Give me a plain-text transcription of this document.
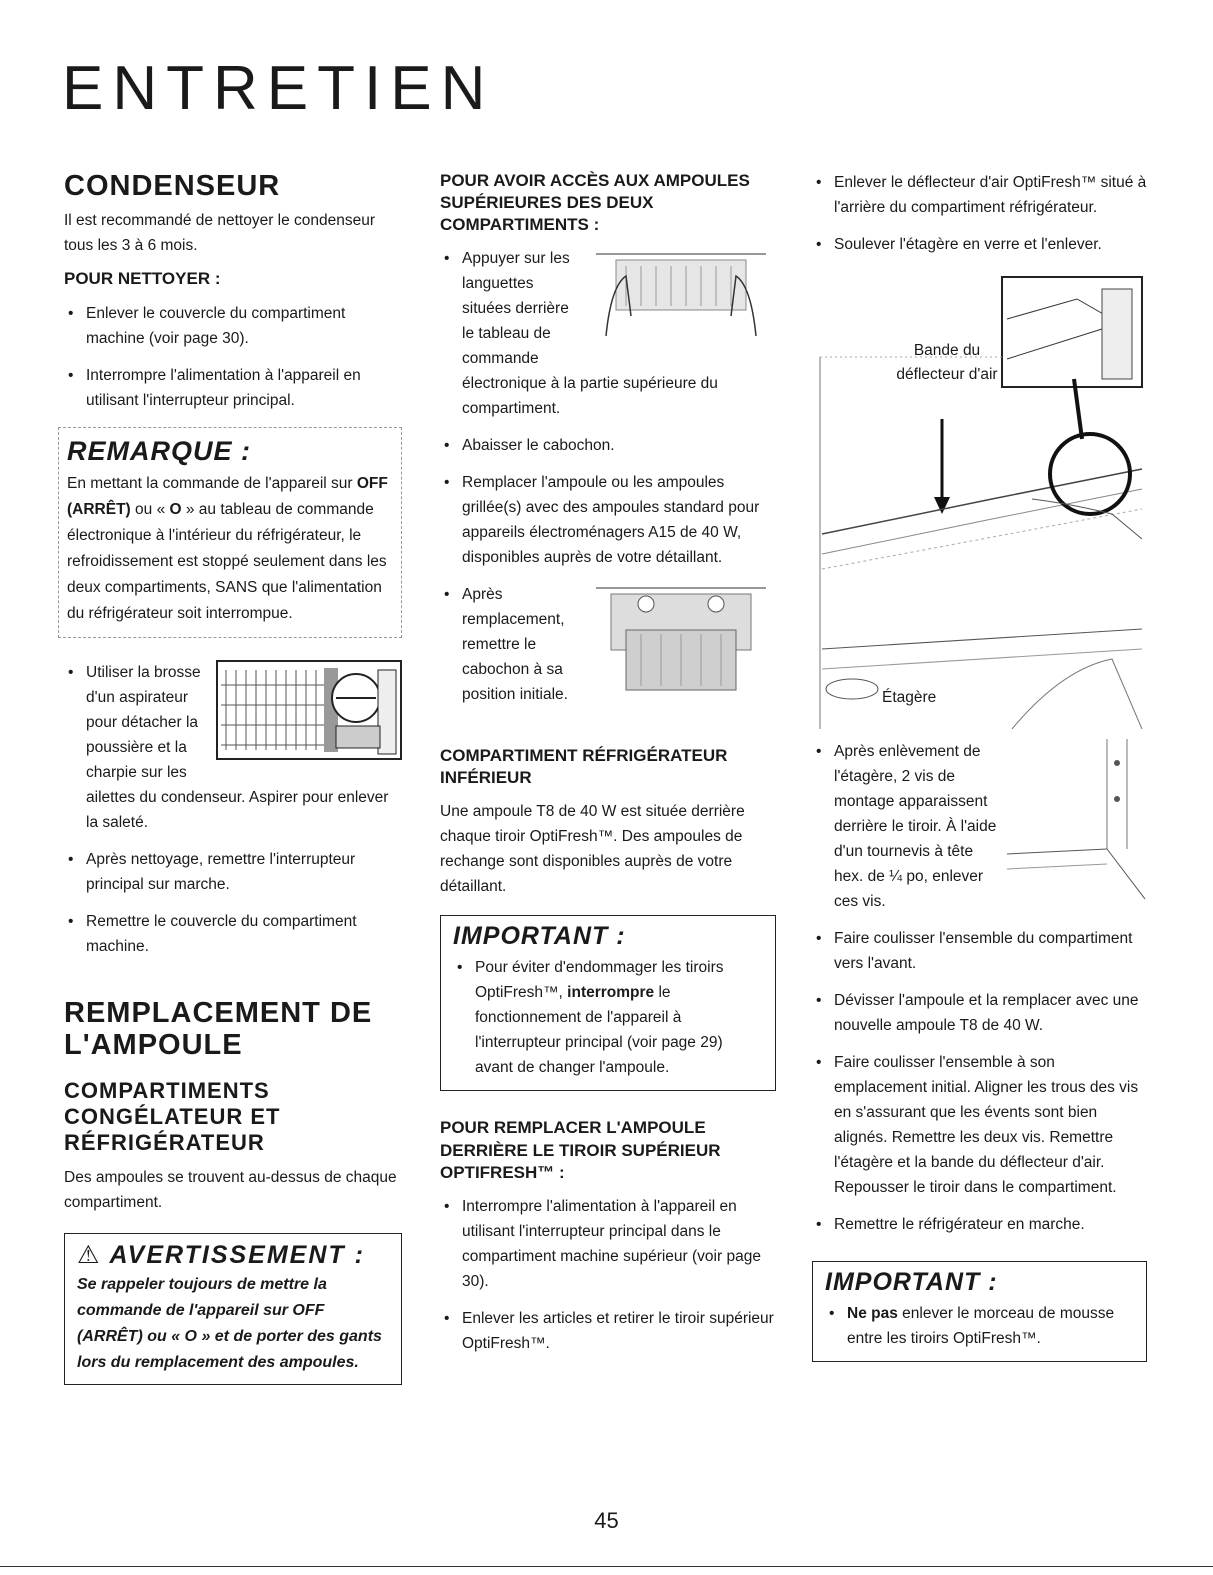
ENTRETIEN
CONDENSEUR

Il est recommandé de nettoyer le condenseur tous les 3 à 6 mois.

POUR NETTOYER :
• Enlever le couvercle du compartiment machine (voir page 30).
• Interrompre l'alimentation à l'appareil en utilisant l'interrupteur principal.
REMARQUE :

En mettant la commande de l'appareil sur OFF (ARRÊT) ou « O » au tableau de commande électronique à l'intérieur du réfrigérateur, le refroidissement est stoppé seulement dans les deux compartiments, SANS que l'alimentation du réfrigérateur soit interrompue.

• Utiliser la brosse d'un aspirateur pour détacher la poussière et la charpie sur les ailettes du condenseur. Aspirer pour enlever la saleté.
• Après nettoyage, remettre l'interrupteur principal sur marche.
• Remettre le couvercle du compartiment machine.
REMPLACEMENT DE L'AMPOULE
COMPARTIMENTS CONGÉLATEUR ET RÉFRIGÉRATEUR

Des ampoules se trouvent au-dessus de chaque compartiment.

⚠ AVERTISSEMENT :

Se rappeler toujours de mettre la commande de l'appareil sur OFF (ARRÊT) ou « O » et de porter des gants lors du remplacement des ampoules.

POUR AVOIR ACCÈS AUX AMPOULES SUPÉRIEURES DES DEUX COMPARTIMENTS :
• Appuyer sur les languettes situées derrière le tableau de commande électronique à la partie supérieure du compartiment.
• Abaisser le cabochon.
• Remplacer l'ampoule ou les ampoules grillée(s) avec des ampoules standard pour appareils électroménagers A15 de 40 W, disponibles auprès de votre détaillant.
• Après remplacement, remettre le cabochon à sa position initiale.
COMPARTIMENT RÉFRIGÉRATEUR INFÉRIEUR

Une ampoule T8 de 40 W est située derrière chaque tiroir OptiFresh™. Des ampoules de rechange sont disponibles auprès de votre détaillant.

IMPORTANT :
• Pour éviter d'endommager les tiroirs OptiFresh™, interrompre le fonctionnement de l'appareil à l'interrupteur principal (voir page 29) avant de changer l'ampoule.
POUR REMPLACER L'AMPOULE DERRIÈRE LE TIROIR SUPÉRIEUR OPTIFRESH™ :
• Interrompre l'alimentation à l'appareil en utilisant l'interrupteur principal dans le compartiment machine supérieur (voir page 30).
• Enlever les articles et retirer le tiroir supérieur OptiFresh™.
• Enlever le déflecteur d'air OptiFresh™ situé à l'arrière du compartiment réfrigérateur.
• Soulever l'étagère en verre et l'enlever.
Bande du déflecteur d'air
Étagère
• Après enlèvement de l'étagère, 2 vis de montage apparaissent derrière le tiroir. À l'aide d'un tournevis à tête hex. de ¼ po, enlever ces vis.
• Faire coulisser l'ensemble du compartiment vers l'avant.
• Dévisser l'ampoule et la remplacer avec une nouvelle ampoule T8 de 40 W.
• Faire coulisser l'ensemble à son emplacement initial. Aligner les trous des vis en s'assurant que les évents sont bien alignés. Remettre les deux vis. Remettre l'étagère et la bande du déflecteur d'air. Repousser le tiroir dans le compartiment.
• Remettre le réfrigérateur en marche.
IMPORTANT :
• Ne pas enlever le morceau de mousse entre les tiroirs OptiFresh™.
45
